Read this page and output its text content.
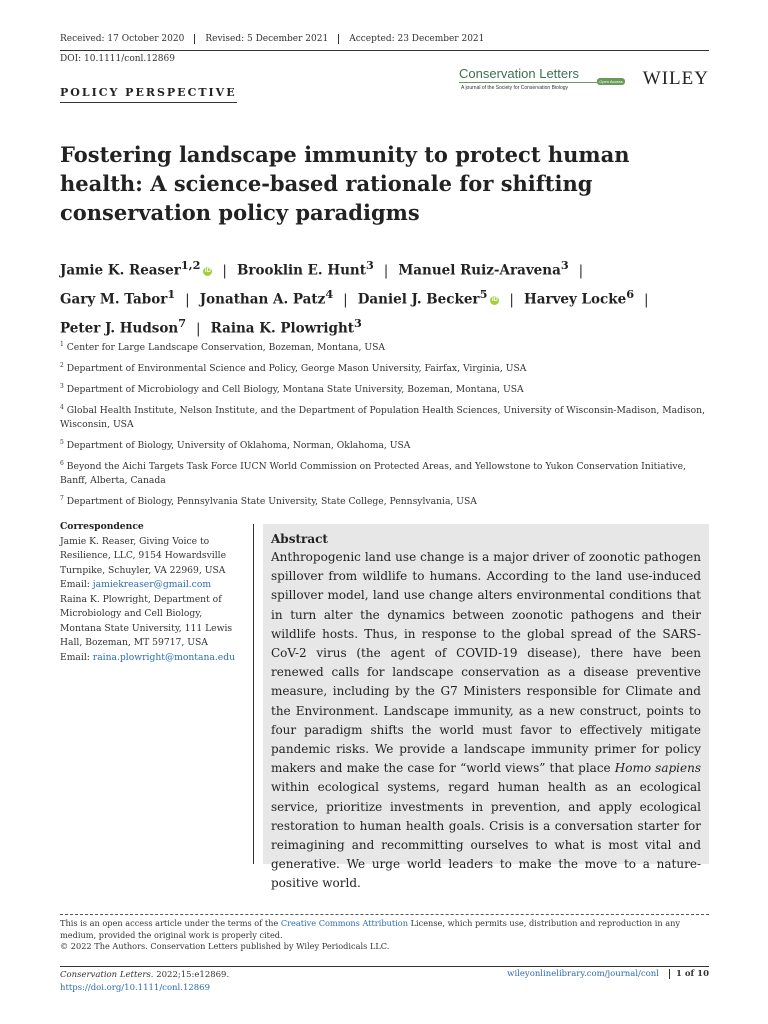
Received: 17 October 2020	Revised: 5 December 2021	Accepted: 23 December 2021
DOI: 10.1111/conl.12869
POLICY PERSPECTIVE
Conservation Letters
Open Access
A journal of the Society for Conservation Biology	WILEY
Fostering landscape immunity to protect human health: A science-based rationale for shifting conservation policy paradigms
Jamie K. Reaser$^{1,2}$ iD | Brooklin E. Hunt$^3$ | Manuel Ruiz-Aravena$^3$ |
Gary M. Tabor$^1$ | Jonathan A. Patz$^4$ | Daniel J. Becker$^5$ iD | Harvey Locke$^6$ |
Peter J. Hudson$^7$ | Raina K. Plowright$^3$
$^1$ Center for Large Landscape Conservation, Bozeman, Montana, USA
$^2$ Department of Environmental Science and Policy, George Mason University, Fairfax, Virginia, USA
$^3$ Department of Microbiology and Cell Biology, Montana State University, Bozeman, Montana, USA
$^4$ Global Health Institute, Nelson Institute, and the Department of Population Health Sciences, University of Wisconsin-Madison, Madison, Wisconsin, USA
$^5$ Department of Biology, University of Oklahoma, Norman, Oklahoma, USA
$^6$ Beyond the Aichi Targets Task Force IUCN World Commission on Protected Areas, and Yellowstone to Yukon Conservation Initiative, Banff, Alberta, Canada
$^7$ Department of Biology, Pennsylvania State University, State College, Pennsylvania, USA
Correspondence
Jamie K. Reaser, Giving Voice to Resilience, LLC, 9154 Howardsville Turnpike, Schuyler, VA 22969, USA
Email: jamiekreaser@gmail.com
Raina K. Plowright, Department of Microbiology and Cell Biology, Montana State University, 111 Lewis Hall, Bozeman, MT 59717, USA
Email: raina.plowright@montana.edu
Abstract
Anthropogenic land use change is a major driver of zoonotic pathogen spillover from wildlife to humans. According to the land use-induced spillover model, land use change alters environmental conditions that in turn alter the dynamics between zoonotic pathogens and their wildlife hosts. Thus, in response to the global spread of the SARS-CoV-2 virus (the agent of COVID-19 disease), there have been renewed calls for landscape conservation as a disease preventive measure, including by the G7 Ministers responsible for Climate and the Environment. Landscape immunity, as a new construct, points to four paradigm shifts the world must favor to effectively mitigate pandemic risks. We provide a landscape immunity primer for policy makers and make the case for “world views” that place Homo sapiens within ecological systems, regard human health as an ecological service, prioritize investments in prevention, and apply ecological restoration to human health goals. Crisis is a conversation starter for reimagining and recommitting ourselves to what is most vital and generative. We urge world leaders to make the move to a nature-positive world.
This is an open access article under the terms of the Creative Commons Attribution License, which permits use, distribution and reproduction in any medium, provided the original work is properly cited.
© 2022 The Authors. Conservation Letters published by Wiley Periodicals LLC.
Conservation Letters. 2022;15:e12869.
https://doi.org/10.1111/conl.12869
wileyonlinelibrary.com/journal/conl	1 of 10
